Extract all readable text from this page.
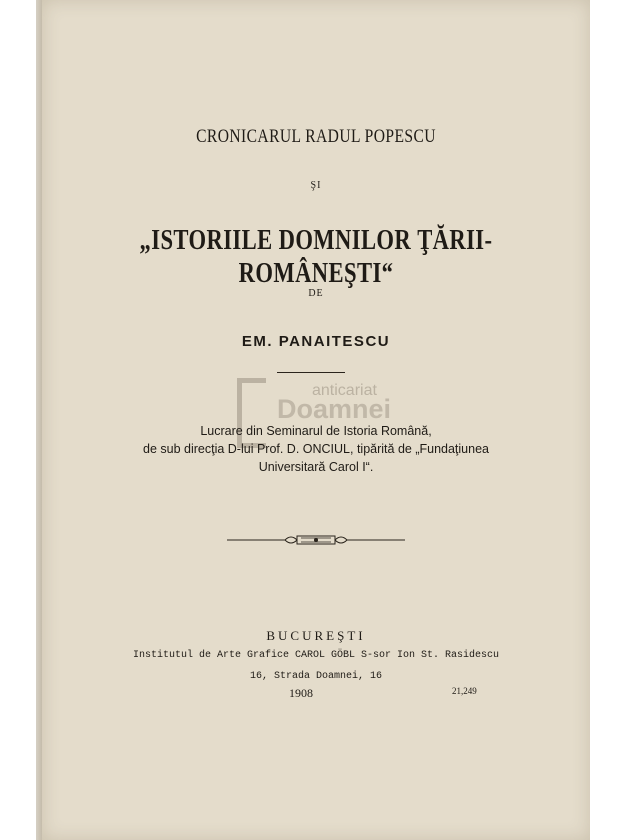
CRONICARUL RADUL POPESCU
ŞI
„ISTORIILE DOMNILOR ŢĂRII-ROMÂNEŞTI“
DE
EM. PANAITESCU
anticariat
Doamnei
Lucrare din Seminarul de Istoria Română,
de sub direcţia D-lui Prof. D. ONCIUL, tipărită de „Fundaţiunea
Universitară Carol I“.
BUCUREŞTI
Institutul de Arte Grafice CAROL GÖBL S-sor Ion St. Rasidescu
16, Strada Doamnei, 16
1908	21,249
